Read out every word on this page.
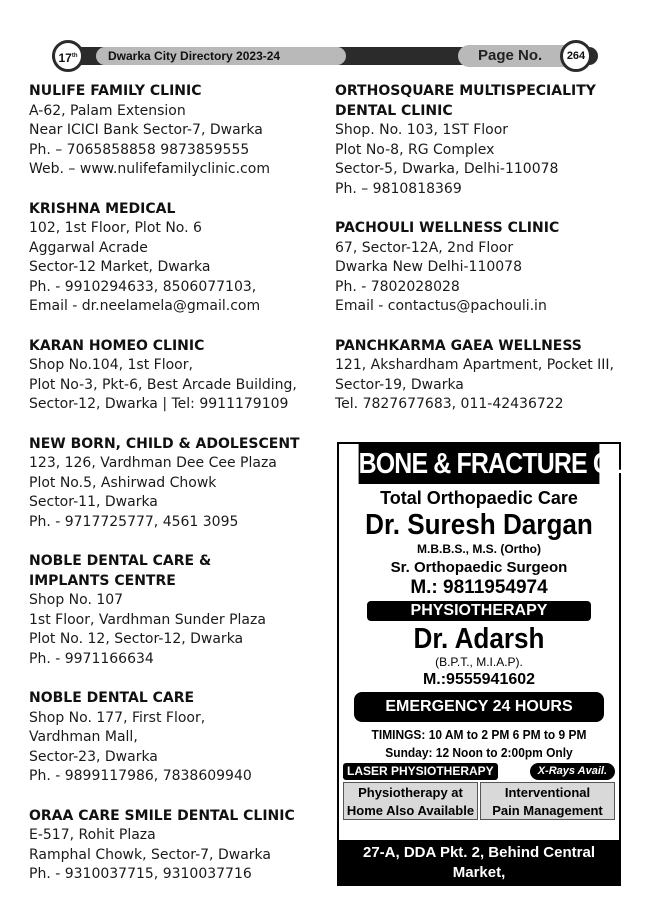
Dwarka City Directory 2023-24	Page No.
17th	264
NULIFE FAMILY CLINIC
A-62, Palam Extension
Near ICICI Bank Sector-7, Dwarka
Ph. – 7065858858 9873859555
Web. – www.nulifefamilyclinic.com
KRISHNA MEDICAL
102, 1st Floor, Plot No. 6
Aggarwal Acrade
Sector-12 Market, Dwarka
Ph. - 9910294633, 8506077103,
Email - dr.neelamela@gmail.com
KARAN HOMEO CLINIC
Shop No.104, 1st Floor,
Plot No-3, Pkt-6, Best Arcade Building,
Sector-12, Dwarka | Tel: 9911179109
NEW BORN, CHILD & ADOLESCENT
123, 126, Vardhman Dee Cee Plaza
Plot No.5, Ashirwad Chowk
Sector-11, Dwarka
Ph. - 9717725777, 4561 3095
NOBLE DENTAL CARE &
IMPLANTS CENTRE
Shop No. 107
1st Floor, Vardhman Sunder Plaza
Plot No. 12, Sector-12, Dwarka
Ph. - 9971166634
NOBLE DENTAL CARE
Shop No. 177, First Floor,
Vardhman Mall,
Sector-23, Dwarka
Ph. - 9899117986, 7838609940
ORAA CARE SMILE DENTAL CLINIC
E-517, Rohit Plaza
Ramphal Chowk, Sector-7, Dwarka
Ph. - 9310037715, 9310037716
ORTHOSQUARE MULTISPECIALITY
DENTAL CLINIC
Shop. No. 103, 1ST Floor
Plot No-8, RG Complex
Sector-5, Dwarka, Delhi-110078
Ph. – 9810818369
PACHOULI WELLNESS CLINIC
67, Sector-12A, 2nd Floor
Dwarka New Delhi-110078
Ph. - 7802028028
Email - contactus@pachouli.in
PANCHKARMA GAEA WELLNESS
121, Akshardham Apartment, Pocket III,
Sector-19, Dwarka
Tel. 7827677683, 011-42436722
BONE & FRACTURE CLINIC
Total Orthopaedic Care
Dr. Suresh Dargan
M.B.B.S., M.S. (Ortho)
Sr. Orthopaedic Surgeon
M.: 9811954974
PHYSIOTHERAPY
Dr. Adarsh
(B.P.T., M.I.A.P).
M.:9555941602
EMERGENCY 24 HOURS
TIMINGS: 10 AM to 2 PM 6 PM to 9 PM
Sunday: 12 Noon to 2:00pm Only
LASER PHYSIOTHERAPY	X-Rays Avail.
Physiotherapy at
Home Also Available
Interventional
Pain Management
27-A, DDA Pkt. 2, Behind Central Market,
Sec-6, Dwarka, N.D. -75 Ph.: 25085290
